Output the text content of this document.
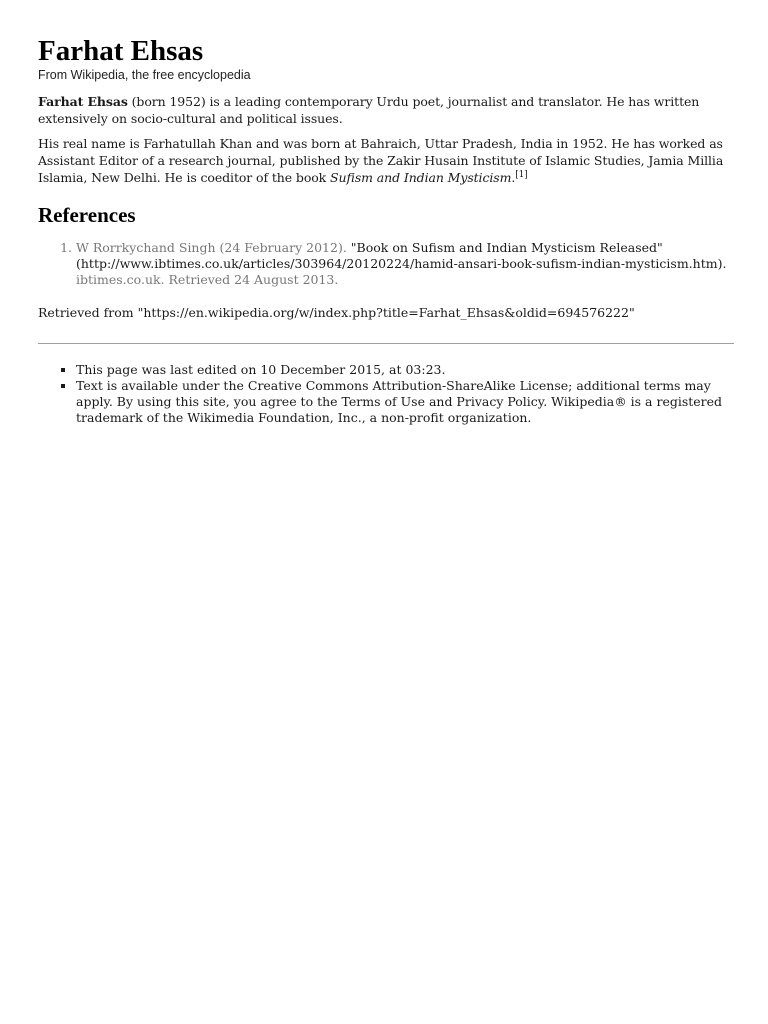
Farhat Ehsas
From Wikipedia, the free encyclopedia

Farhat Ehsas (born 1952) is a leading contemporary Urdu poet, journalist and translator. He has written extensively on socio-cultural and political issues.

His real name is Farhatullah Khan and was born at Bahraich, Uttar Pradesh, India in 1952. He has worked as Assistant Editor of a research journal, published by the Zakir Husain Institute of Islamic Studies, Jamia Millia Islamia, New Delhi. He is coeditor of the book Sufism and Indian Mysticism.[1]

References
1. W Rorrkychand Singh (24 February 2012). "Book on Sufism and Indian Mysticism Released" (http://www.ibtimes.co.uk/articles/303964/20120224/hamid-ansari-book-sufism-indian-mysticism.htm). ibtimes.co.uk. Retrieved 24 August 2013.
Retrieved from "https://en.wikipedia.org/w/index.php?title=Farhat_Ehsas&oldid=694576222"
▪ This page was last edited on 10 December 2015, at 03:23.
▪ Text is available under the Creative Commons Attribution-ShareAlike License; additional terms may apply. By using this site, you agree to the Terms of Use and Privacy Policy. Wikipedia® is a registered trademark of the Wikimedia Foundation, Inc., a non-profit organization.
